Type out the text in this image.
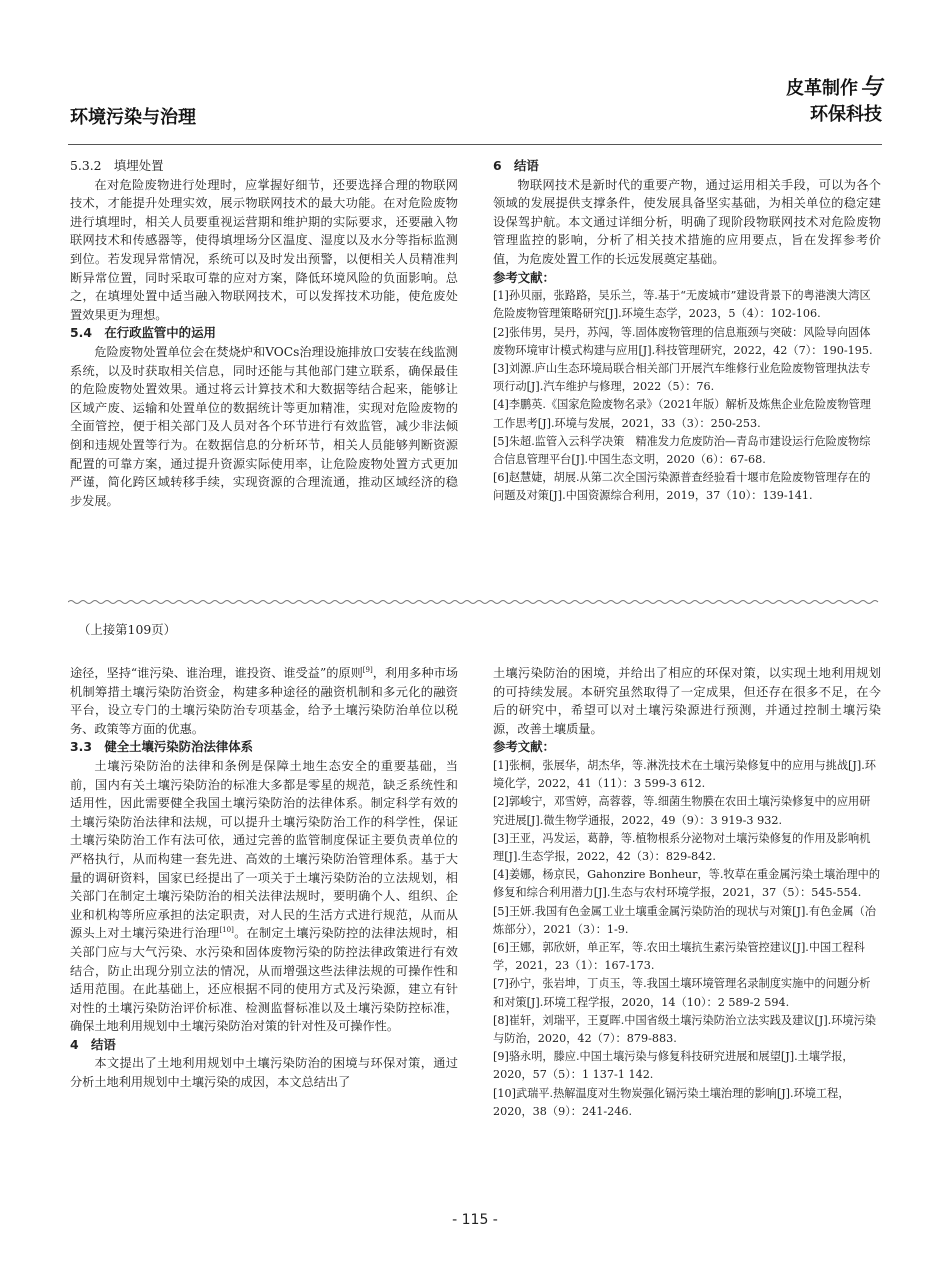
环境污染与治理
皮革制作与
环保科技

5.3.2　填埋处置

在对危险废物进行处理时，应掌握好细节，还要选择合理的物联网技术，才能提升处理实效，展示物联网技术的最大功能。在对危险废物进行填埋时，相关人员要重视运营期和维护期的实际要求，还要融入物联网技术和传感器等，使得填埋场分区温度、湿度以及水分等指标监测到位。若发现异常情况，系统可以及时发出预警，以便相关人员精准判断异常位置，同时采取可靠的应对方案，降低环境风险的负面影响。总之，在填埋处置中适当融入物联网技术，可以发挥技术功能，使危废处置效果更为理想。

5.4　在行政监管中的运用

危险废物处置单位会在焚烧炉和VOCs治理设施排放口安装在线监测系统，以及时获取相关信息，同时还能与其他部门建立联系，确保最佳的危险废物处置效果。通过将云计算技术和大数据等结合起来，能够让区域产废、运输和处置单位的数据统计等更加精准，实现对危险废物的全面管控，便于相关部门及人员对各个环节进行有效监管，减少非法倾倒和违规处置等行为。在数据信息的分析环节，相关人员能够判断资源配置的可靠方案，通过提升资源实际使用率，让危险废物处置方式更加严谨，简化跨区域转移手续，实现资源的合理流通，推动区域经济的稳步发展。

6　结语

物联网技术是新时代的重要产物，通过运用相关手段，可以为各个领域的发展提供支撑条件，使发展具备坚实基础，为相关单位的稳定建设保驾护航。本文通过详细分析，明确了现阶段物联网技术对危险废物管理监控的影响，分析了相关技术措施的应用要点，旨在发挥参考价值，为危废处置工作的长远发展奠定基础。

参考文献：

[1]孙贝丽，张路路，吴乐兰，等.基于“无废城市”建设背景下的粤港澳大湾区危险废物管理策略研究[J].环境生态学，2023，5（4）：102-106.

[2]张伟男，吴丹，苏闯，等.固体废物管理的信息瓶颈与突破：风险导向固体废物环境审计模式构建与应用[J].科技管理研究，2022，42（7）：190-195.

[3]刘源.庐山生态环境局联合相关部门开展汽车维修行业危险废物管理执法专项行动[J].汽车维护与修理，2022（5）：76.

[4]李鹏英.《国家危险废物名录》（2021年版）解析及炼焦企业危险废物管理工作思考[J].环境与发展，2021，33（3）：250-253.

[5]朱超.监管入云科学决策　精准发力危废防治—青岛市建设运行危险废物综合信息管理平台[J].中国生态文明，2020（6）：67-68.

[6]赵慧婕，胡展.从第二次全国污染源普查经验看十堰市危险废物管理存在的问题及对策[J].中国资源综合利用，2019，37（10）：139-141.

（上接第109页）

途径，坚持“谁污染、谁治理，谁投资、谁受益”的原则[9]，利用多种市场机制筹措土壤污染防治资金，构建多种途径的融资机制和多元化的融资平台，设立专门的土壤污染防治专项基金，给予土壤污染防治单位以税务、政策等方面的优惠。

3.3　健全土壤污染防治法律体系

土壤污染防治的法律和条例是保障土地生态安全的重要基础，当前，国内有关土壤污染防治的标准大多都是零星的规范，缺乏系统性和适用性，因此需要健全我国土壤污染防治的法律体系。制定科学有效的土壤污染防治法律和法规，可以提升土壤污染防治工作的科学性，保证土壤污染防治工作有法可依，通过完善的监管制度保证主要负责单位的严格执行，从而构建一套先进、高效的土壤污染防治管理体系。基于大量的调研资料，国家已经提出了一项关于土壤污染防治的立法规划，相关部门在制定土壤污染防治的相关法律法规时，要明确个人、组织、企业和机构等所应承担的法定职责，对人民的生活方式进行规范，从而从源头上对土壤污染进行治理[10]。在制定土壤污染防控的法律法规时，相关部门应与大气污染、水污染和固体废物污染的防控法律政策进行有效结合，防止出现分别立法的情况，从而增强这些法律法规的可操作性和适用范围。在此基础上，还应根据不同的使用方式及污染源，建立有针对性的土壤污染防治评价标准、检测监督标准以及土壤污染防控标准，确保土地利用规划中土壤污染防治对策的针对性及可操作性。

4　结语

本文提出了土地利用规划中土壤污染防治的困境与环保对策，通过分析土地利用规划中土壤污染的成因，本文总结出了

土壤污染防治的困境，并给出了相应的环保对策，以实现土地利用规划的可持续发展。本研究虽然取得了一定成果，但还存在很多不足，在今后的研究中，希望可以对土壤污染源进行预测，并通过控制土壤污染源，改善土壤质量。

参考文献：

[1]张桐，张展华，胡杰华，等.淋洗技术在土壤污染修复中的应用与挑战[J].环境化学，2022，41（11）：3 599-3 612.

[2]郭峻宁，邓雪婷，高蓉蓉，等.细菌生物膜在农田土壤污染修复中的应用研究进展[J].微生物学通报，2022，49（9）：3 919-3 932.

[3]王亚，冯发运，葛静，等.植物根系分泌物对土壤污染修复的作用及影响机理[J].生态学报，2022，42（3）：829-842.

[4]姜娜，杨京民，Gahonzire Bonheur，等.牧草在重金属污染土壤治理中的修复和综合利用潜力[J].生态与农村环境学报，2021，37（5）：545-554.

[5]王妍.我国有色金属工业土壤重金属污染防治的现状与对策[J].有色金属（冶炼部分），2021（3）：1-9.

[6]王娜，郭欣妍，单正军，等.农田土壤抗生素污染管控建议[J].中国工程科学，2021，23（1）：167-173.

[7]孙宁，张岩坤，丁贞玉，等.我国土壤环境管理名录制度实施中的问题分析和对策[J].环境工程学报，2020，14（10）：2 589-2 594.

[8]崔轩，刘瑞平，王夏晖.中国省级土壤污染防治立法实践及建议[J].环境污染与防治，2020，42（7）：879-883.

[9]骆永明，滕应.中国土壤污染与修复科技研究进展和展望[J].土壤学报，2020，57（5）：1 137-1 142.

[10]武瑞平.热解温度对生物炭强化镉污染土壤治理的影响[J].环境工程，2020，38（9）：241-246.

- 115 -
